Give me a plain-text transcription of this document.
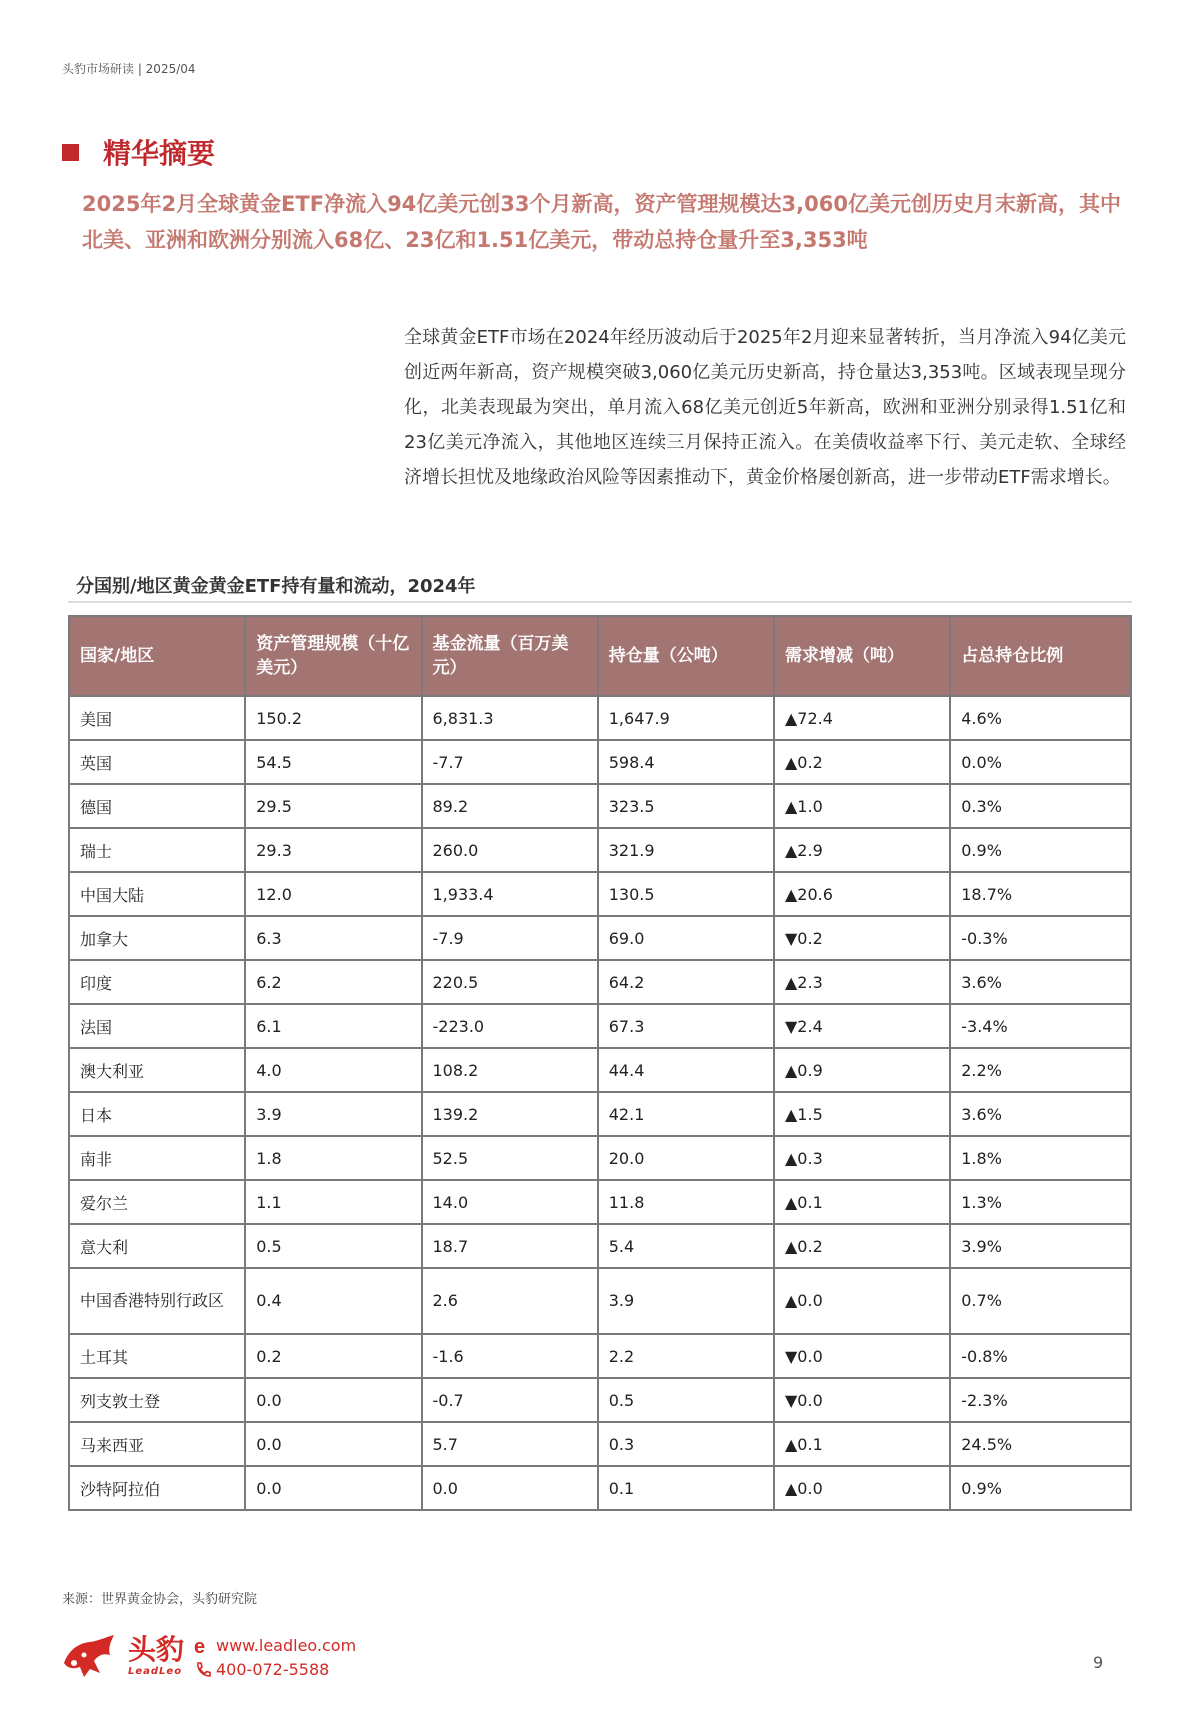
头豹市场研读 | 2025/04
精华摘要
2025年2月全球黄金ETF净流入94亿美元创33个月新高，资产管理规模达3,060亿美元创历史月末新高，其中北美、亚洲和欧洲分别流入68亿、23亿和1.51亿美元，带动总持仓量升至3,353吨
全球黄金ETF市场在2024年经历波动后于2025年2月迎来显著转折，当月净流入94亿美元创近两年新高，资产规模突破3,060亿美元历史新高，持仓量达3,353吨。区域表现呈现分化，北美表现最为突出，单月流入68亿美元创近5年新高，欧洲和亚洲分别录得1.51亿和23亿美元净流入，其他地区连续三月保持正流入。在美债收益率下行、美元走软、全球经济增长担忧及地缘政治风险等因素推动下，黄金价格屡创新高，进一步带动ETF需求增长。
分国别/地区黄金黄金ETF持有量和流动，2024年
国家/地区	资产管理规模（十亿美元）	基金流量（百万美元）	持仓量（公吨）	需求增减（吨）	占总持仓比例
美国	150.2	6,831.3	1,647.9	▲72.4	4.6%
英国	54.5	-7.7	598.4	▲0.2	0.0%
德国	29.5	89.2	323.5	▲1.0	0.3%
瑞士	29.3	260.0	321.9	▲2.9	0.9%
中国大陆	12.0	1,933.4	130.5	▲20.6	18.7%
加拿大	6.3	-7.9	69.0	▼0.2	-0.3%
印度	6.2	220.5	64.2	▲2.3	3.6%
法国	6.1	-223.0	67.3	▼2.4	-3.4%
澳大利亚	4.0	108.2	44.4	▲0.9	2.2%
日本	3.9	139.2	42.1	▲1.5	3.6%
南非	1.8	52.5	20.0	▲0.3	1.8%
爱尔兰	1.1	14.0	11.8	▲0.1	1.3%
意大利	0.5	18.7	5.4	▲0.2	3.9%
中国香港特别行政区	0.4	2.6	3.9	▲0.0	0.7%
土耳其	0.2	-1.6	2.2	▼0.0	-0.8%
列支敦士登	0.0	-0.7	0.5	▼0.0	-2.3%
马来西亚	0.0	5.7	0.3	▲0.1	24.5%
沙特阿拉伯	0.0	0.0	0.1	▲0.0	0.9%
来源：世界黄金协会，头豹研究院
头豹
LeadLeo
e www.leadleo.com
400-072-5588	9
